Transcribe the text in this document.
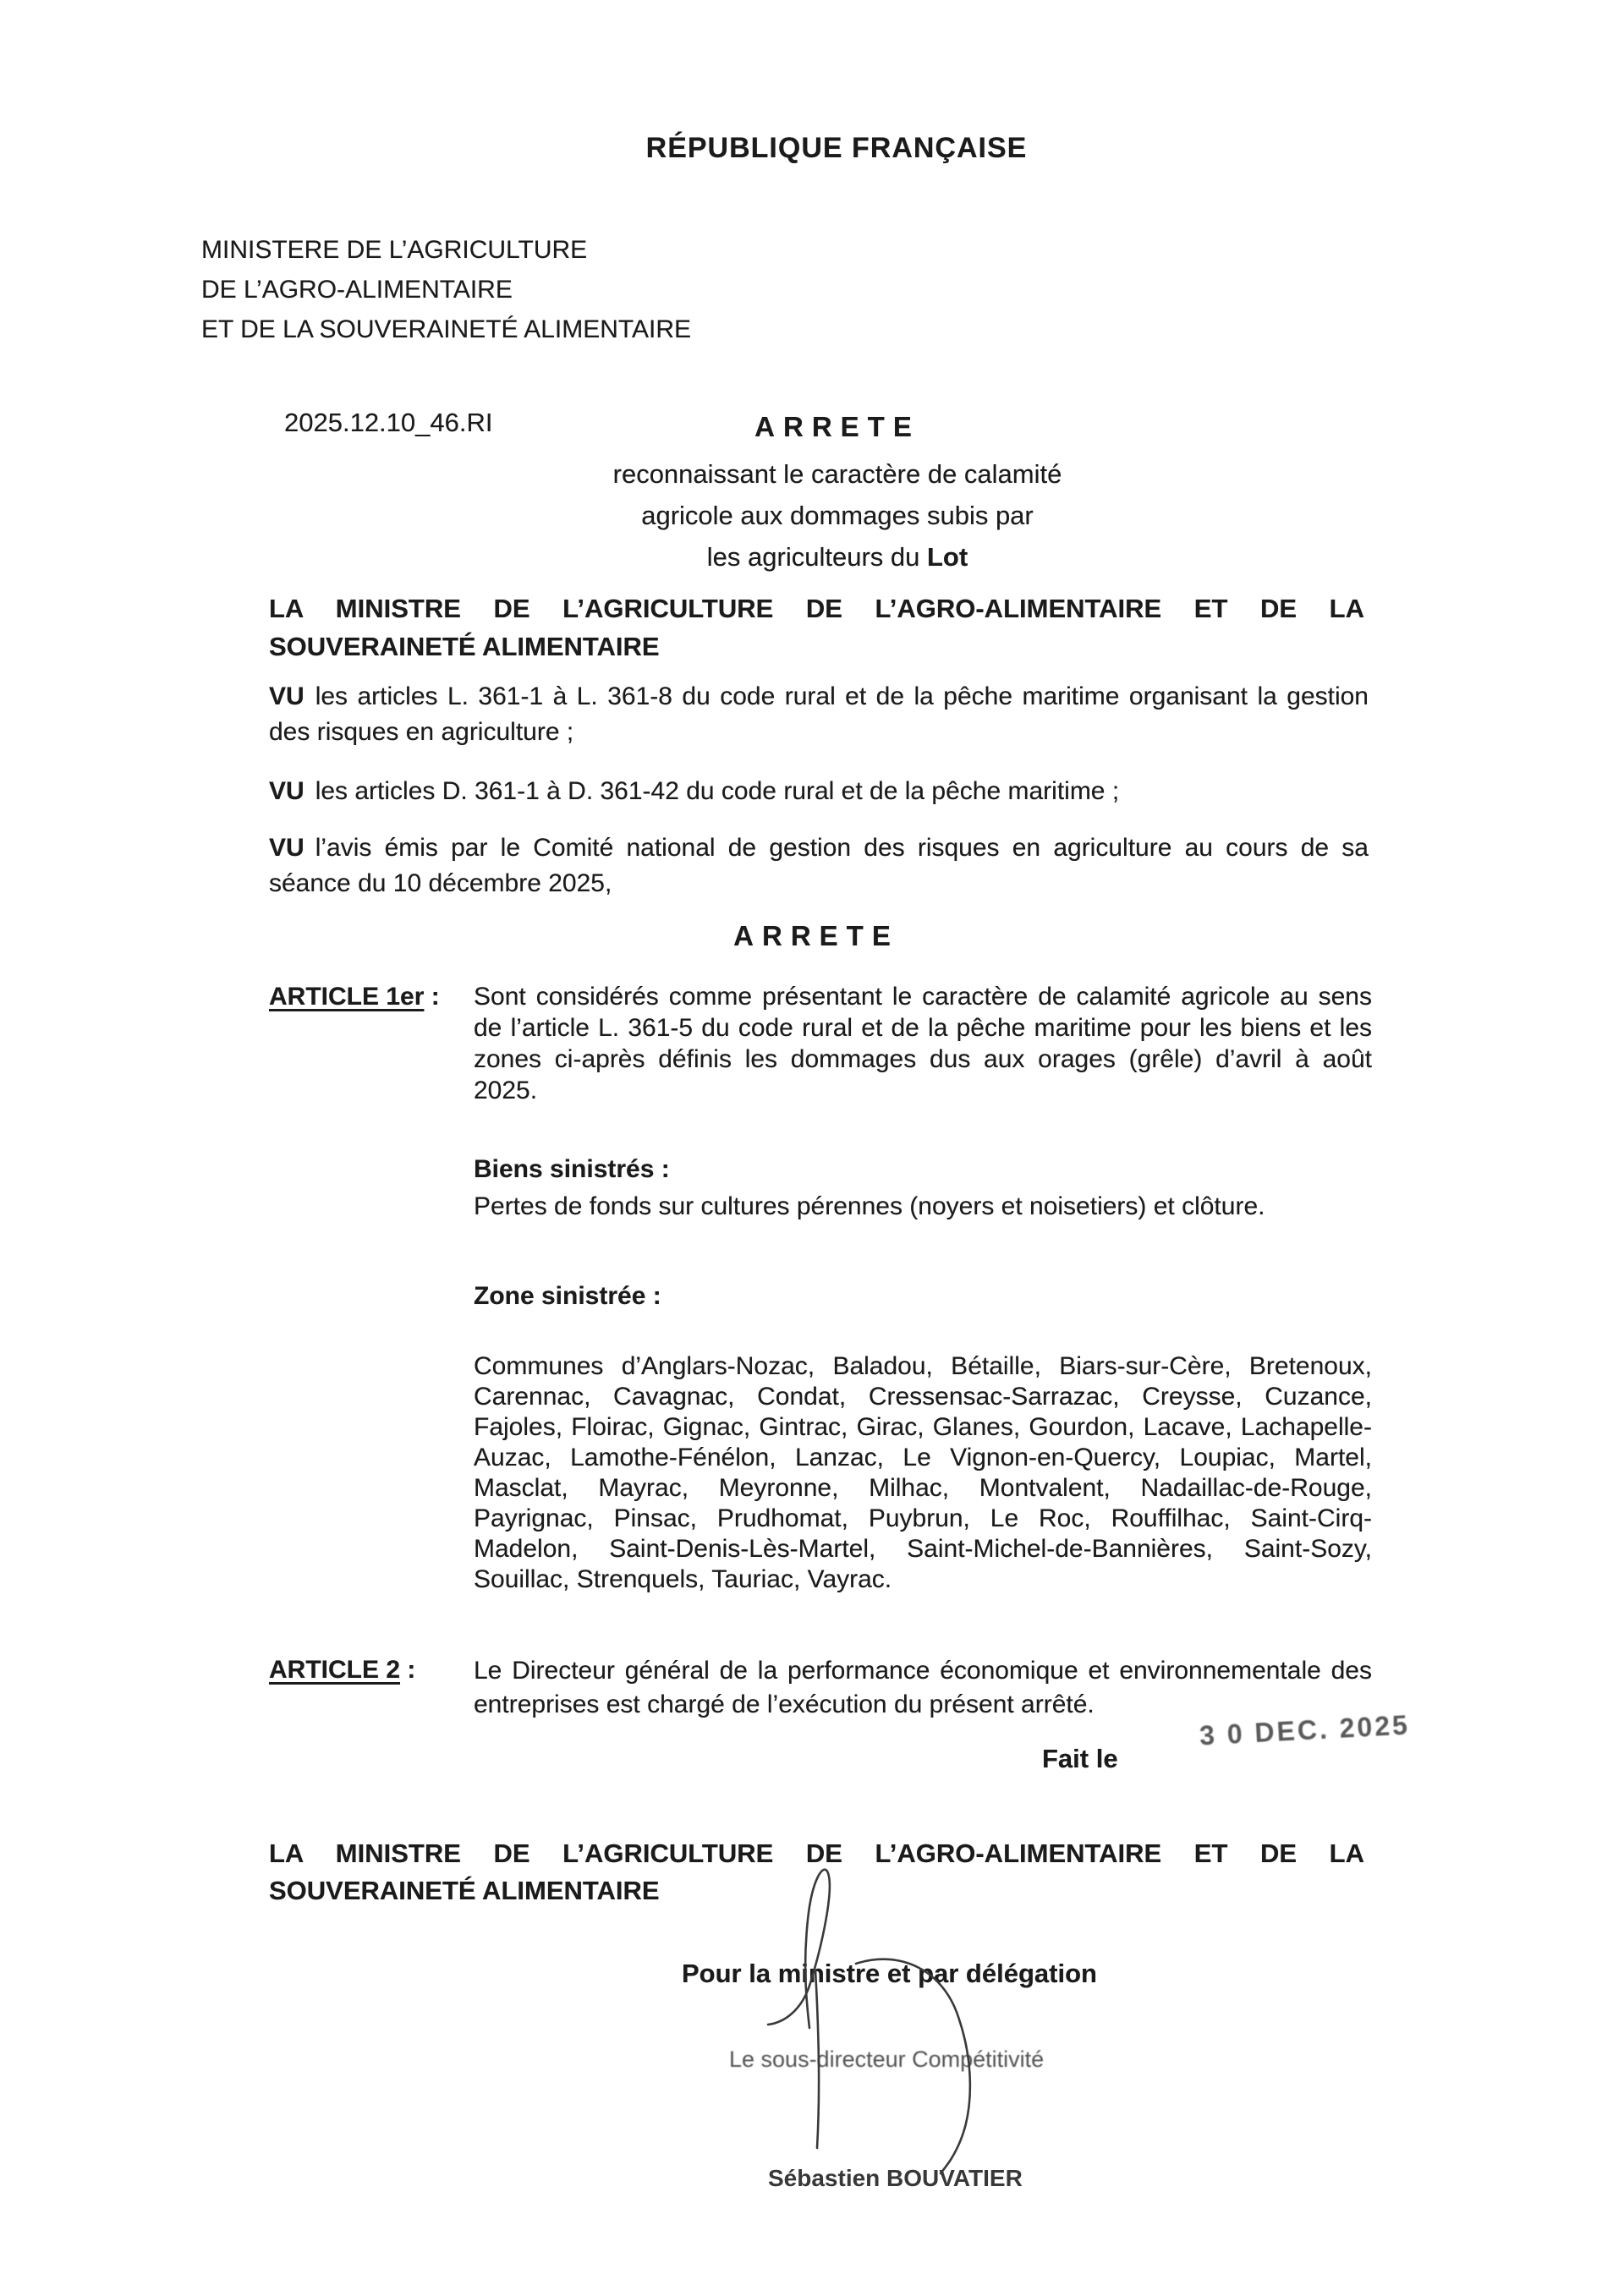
RÉPUBLIQUE FRANÇAISE
MINISTERE DE L’AGRICULTURE
DE L’AGRO-ALIMENTAIRE
ET DE LA SOUVERAINETÉ ALIMENTAIRE
2025.12.10_46.RI	ARRETE
reconnaissant le caractère de calamité
agricole aux dommages subis par
les agriculteurs du Lot
LA MINISTRE DE L’AGRICULTURE DE L’AGRO-ALIMENTAIRE ET DE LA
SOUVERAINETÉ ALIMENTAIRE

VU les articles L. 361-1 à L. 361-8 du code rural et de la pêche maritime organisant la gestion des risques en agriculture ;

VU les articles D. 361-1 à D. 361-42 du code rural et de la pêche maritime ;

VU l’avis émis par le Comité national de gestion des risques en agriculture au cours de sa séance du 10 décembre 2025,

ARRETE
ARTICLE 1er : Sont considérés comme présentant le caractère de calamité agricole au sens de l’article L. 361-5 du code rural et de la pêche maritime pour les biens et les zones ci-après définis les dommages dus aux orages (grêle) d’avril à août 2025.
Biens sinistrés :
Pertes de fonds sur cultures pérennes (noyers et noisetiers) et clôture.
Zone sinistrée :
Communes d’Anglars-Nozac, Baladou, Bétaille, Biars-sur-Cère, Bretenoux, Carennac, Cavagnac, Condat, Cressensac-Sarrazac, Creysse, Cuzance, Fajoles, Floirac, Gignac, Gintrac, Girac, Glanes, Gourdon, Lacave, Lachapelle-Auzac, Lamothe-Fénélon, Lanzac, Le Vignon-en-Quercy, Loupiac, Martel, Masclat, Mayrac, Meyronne, Milhac, Montvalent, Nadaillac-de-Rouge, Payrignac, Pinsac, Prudhomat, Puybrun, Le Roc, Rouffilhac, Saint-Cirq-Madelon, Saint-Denis-Lès-Martel, Saint-Michel-de-Bannières, Saint-Sozy, Souillac, Strenquels, Tauriac, Vayrac.
ARTICLE 2 : Le Directeur général de la performance économique et environnementale des entreprises est chargé de l’exécution du présent arrêté.
Fait le
3 0 DEC. 2025
LA MINISTRE DE L’AGRICULTURE DE L’AGRO-ALIMENTAIRE ET DE LA
SOUVERAINETÉ ALIMENTAIRE
Pour la ministre et par délégation
Le sous-directeur Compétitivité
Sébastien BOUVATIER
